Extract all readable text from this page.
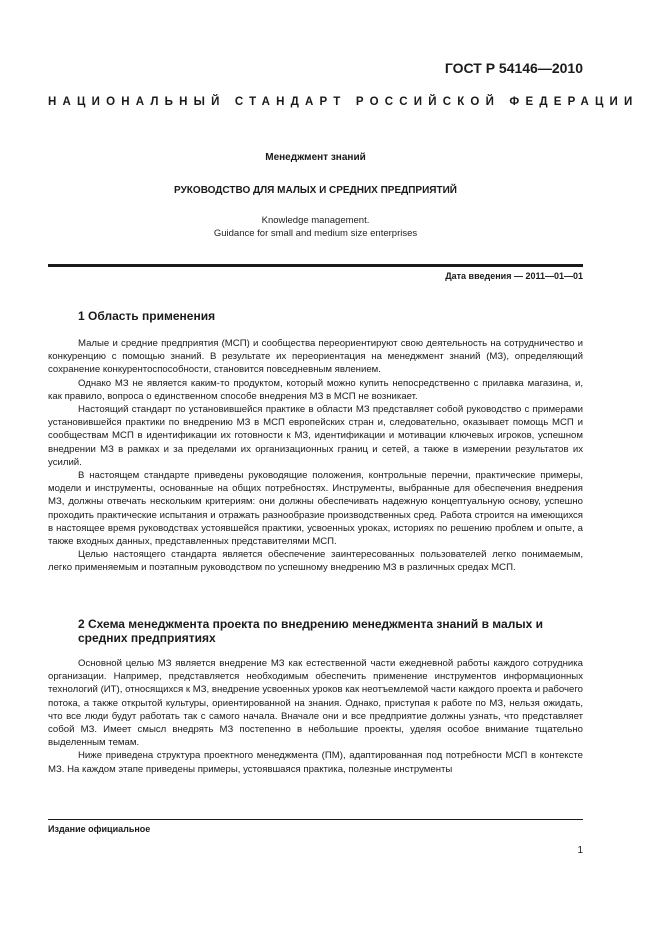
ГОСТ Р 54146—2010
НАЦИОНАЛЬНЫЙ СТАНДАРТ РОССИЙСКОЙ ФЕДЕРАЦИИ
Менеджмент знаний
РУКОВОДСТВО ДЛЯ МАЛЫХ И СРЕДНИХ ПРЕДПРИЯТИЙ
Knowledge management.
Guidance for small and medium size enterprises
Дата введения — 2011—01—01
1 Область применения

Малые и средние предприятия (МСП) и сообщества переориентируют свою деятельность на сотрудничество и конкуренцию с помощью знаний. В результате их переориентация на менеджмент знаний (МЗ), определяющий сохранение конкурентоспособности, становится повседневным явлением.

Однако МЗ не является каким-то продуктом, который можно купить непосредственно с прилавка магазина, и, как правило, вопроса о единственном способе внедрения МЗ в МСП не возникает.

Настоящий стандарт по установившейся практике в области МЗ представляет собой руководство с примерами установившейся практики по внедрению МЗ в МСП европейских стран и, следовательно, оказывает помощь МСП и сообществам МСП в идентификации их готовности к МЗ, идентификации и мотивации ключевых игроков, успешном внедрении МЗ в рамках и за пределами их организационных границ и сетей, а также в измерении результатов их усилий.

В настоящем стандарте приведены руководящие положения, контрольные перечни, практические примеры, модели и инструменты, основанные на общих потребностях. Инструменты, выбранные для обеспечения внедрения МЗ, должны отвечать нескольким критериям: они должны обеспечивать надежную концептуальную основу, успешно проходить практические испытания и отражать разнообразие производственных сред. Работа строится на имеющихся в настоящее время руководствах устоявшейся практики, усвоенных уроках, историях по решению проблем и опыте, а также входных данных, представленных представителями МСП.

Целью настоящего стандарта является обеспечение заинтересованных пользователей легко понимаемым, легко применяемым и поэтапным руководством по успешному внедрению МЗ в различных средах МСП.

2 Схема менеджмента проекта по внедрению менеджмента знаний в малых и средних предприятиях

Основной целью МЗ является внедрение МЗ как естественной части ежедневной работы каждого сотрудника организации. Например, представляется необходимым обеспечить применение инструментов информационных технологий (ИТ), относящихся к МЗ, внедрение усвоенных уроков как неотъемлемой части каждого проекта и рабочего потока, а также открытой культуры, ориентированной на знания. Однако, приступая к работе по МЗ, нельзя ожидать, что все люди будут работать так с самого начала. Вначале они и все предприятие должны узнать, что представляет собой МЗ. Имеет смысл внедрять МЗ постепенно в небольшие проекты, уделяя особое внимание тщательно выделенным темам.

Ниже приведена структура проектного менеджмента (ПМ), адаптированная под потребности МСП в контексте МЗ. На каждом этапе приведены примеры, устоявшаяся практика, полезные инструменты

Издание официальное
1
